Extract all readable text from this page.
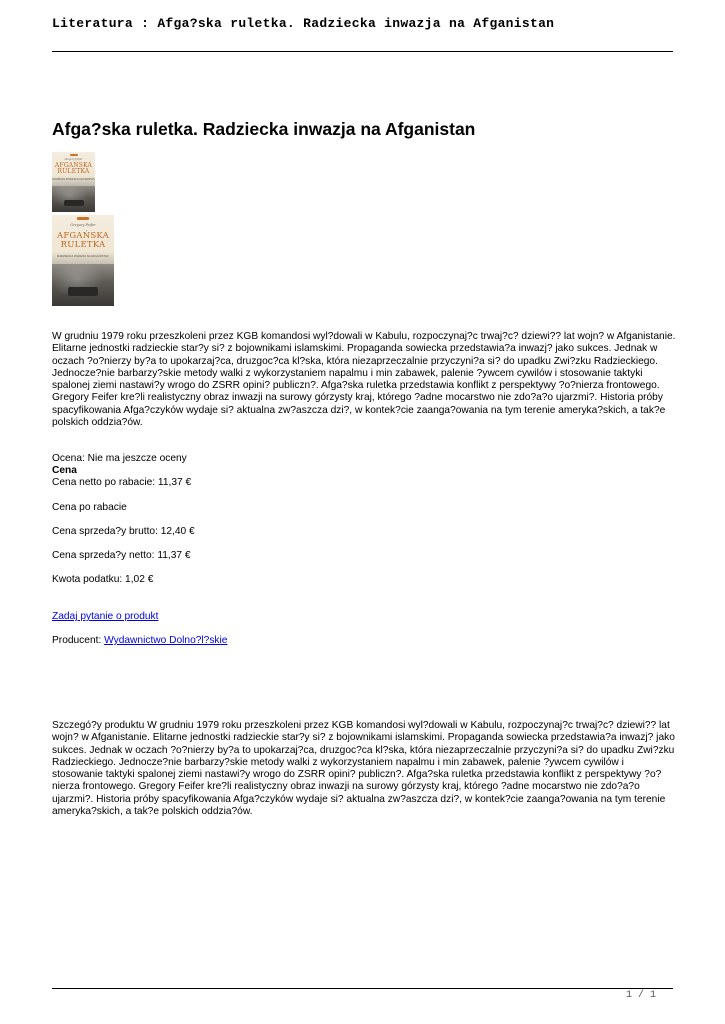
Literatura : Afga?ska ruletka. Radziecka inwazja na Afganistan
Afga?ska ruletka. Radziecka inwazja na Afganistan
Gregory Feifer
AFGAŃSKA
RULETKA
RADZIECKA INWAZJA NA AFGANISTAN
Gregory Feifer
AFGAŃSKA
RULETKA
RADZIECKA INWAZJA NA AFGANISTAN

W grudniu 1979 roku przeszkoleni przez KGB komandosi wyl?dowali w Kabulu, rozpoczynaj?c trwaj?c? dziewi?? lat wojn? w Afganistanie. Elitarne jednostki radzieckie star?y si? z bojownikami islamskimi. Propaganda sowiecka przedstawia?a inwazj? jako sukces. Jednak w oczach ?o?nierzy by?a to upokarzaj?ca, druzgoc?ca kl?ska, która niezaprzeczalnie przyczyni?a si? do upadku Zwi?zku Radzieckiego. Jednocze?nie barbarzy?skie metody walki z wykorzystaniem napalmu i min zabawek, palenie ?ywcem cywilów i stosowanie taktyki spalonej ziemi nastawi?y wrogo do ZSRR opini? publiczn?. Afga?ska ruletka przedstawia konflikt z perspektywy ?o?nierza frontowego. Gregory Feifer kre?li realistyczny obraz inwazji na surowy górzysty kraj, którego ?adne mocarstwo nie zdo?a?o ujarzmi?. Historia próby spacyfikowania Afga?czyków wydaje si? aktualna zw?aszcza dzi?, w kontek?cie zaanga?owania na tym terenie ameryka?skich, a tak?e polskich oddzia?ów.

Ocena: Nie ma jeszcze oceny

Cena

Cena netto po rabacie: 11,37 €

Cena po rabacie

Cena sprzeda?y brutto: 12,40 €

Cena sprzeda?y netto: 11,37 €

Kwota podatku: 1,02 €

Zadaj pytanie o produkt

Producent: Wydawnictwo Dolno?l?skie

Szczegó?y produktu W grudniu 1979 roku przeszkoleni przez KGB komandosi wyl?dowali w Kabulu, rozpoczynaj?c trwaj?c? dziewi?? lat wojn? w Afganistanie. Elitarne jednostki radzieckie star?y si? z bojownikami islamskimi. Propaganda sowiecka przedstawia?a inwazj? jako sukces. Jednak w oczach ?o?nierzy by?a to upokarzaj?ca, druzgoc?ca kl?ska, która niezaprzeczalnie przyczyni?a si? do upadku Zwi?zku Radzieckiego. Jednocze?nie barbarzy?skie metody walki z wykorzystaniem napalmu i min zabawek, palenie ?ywcem cywilów i stosowanie taktyki spalonej ziemi nastawi?y wrogo do ZSRR opini? publiczn?. Afga?ska ruletka przedstawia konflikt z perspektywy ?o?nierza frontowego. Gregory Feifer kre?li realistyczny obraz inwazji na surowy górzysty kraj, którego ?adne mocarstwo nie zdo?a?o ujarzmi?. Historia próby spacyfikowania Afga?czyków wydaje si? aktualna zw?aszcza dzi?, w kontek?cie zaanga?owania na tym terenie ameryka?skich, a tak?e polskich oddzia?ów.

1 / 1
